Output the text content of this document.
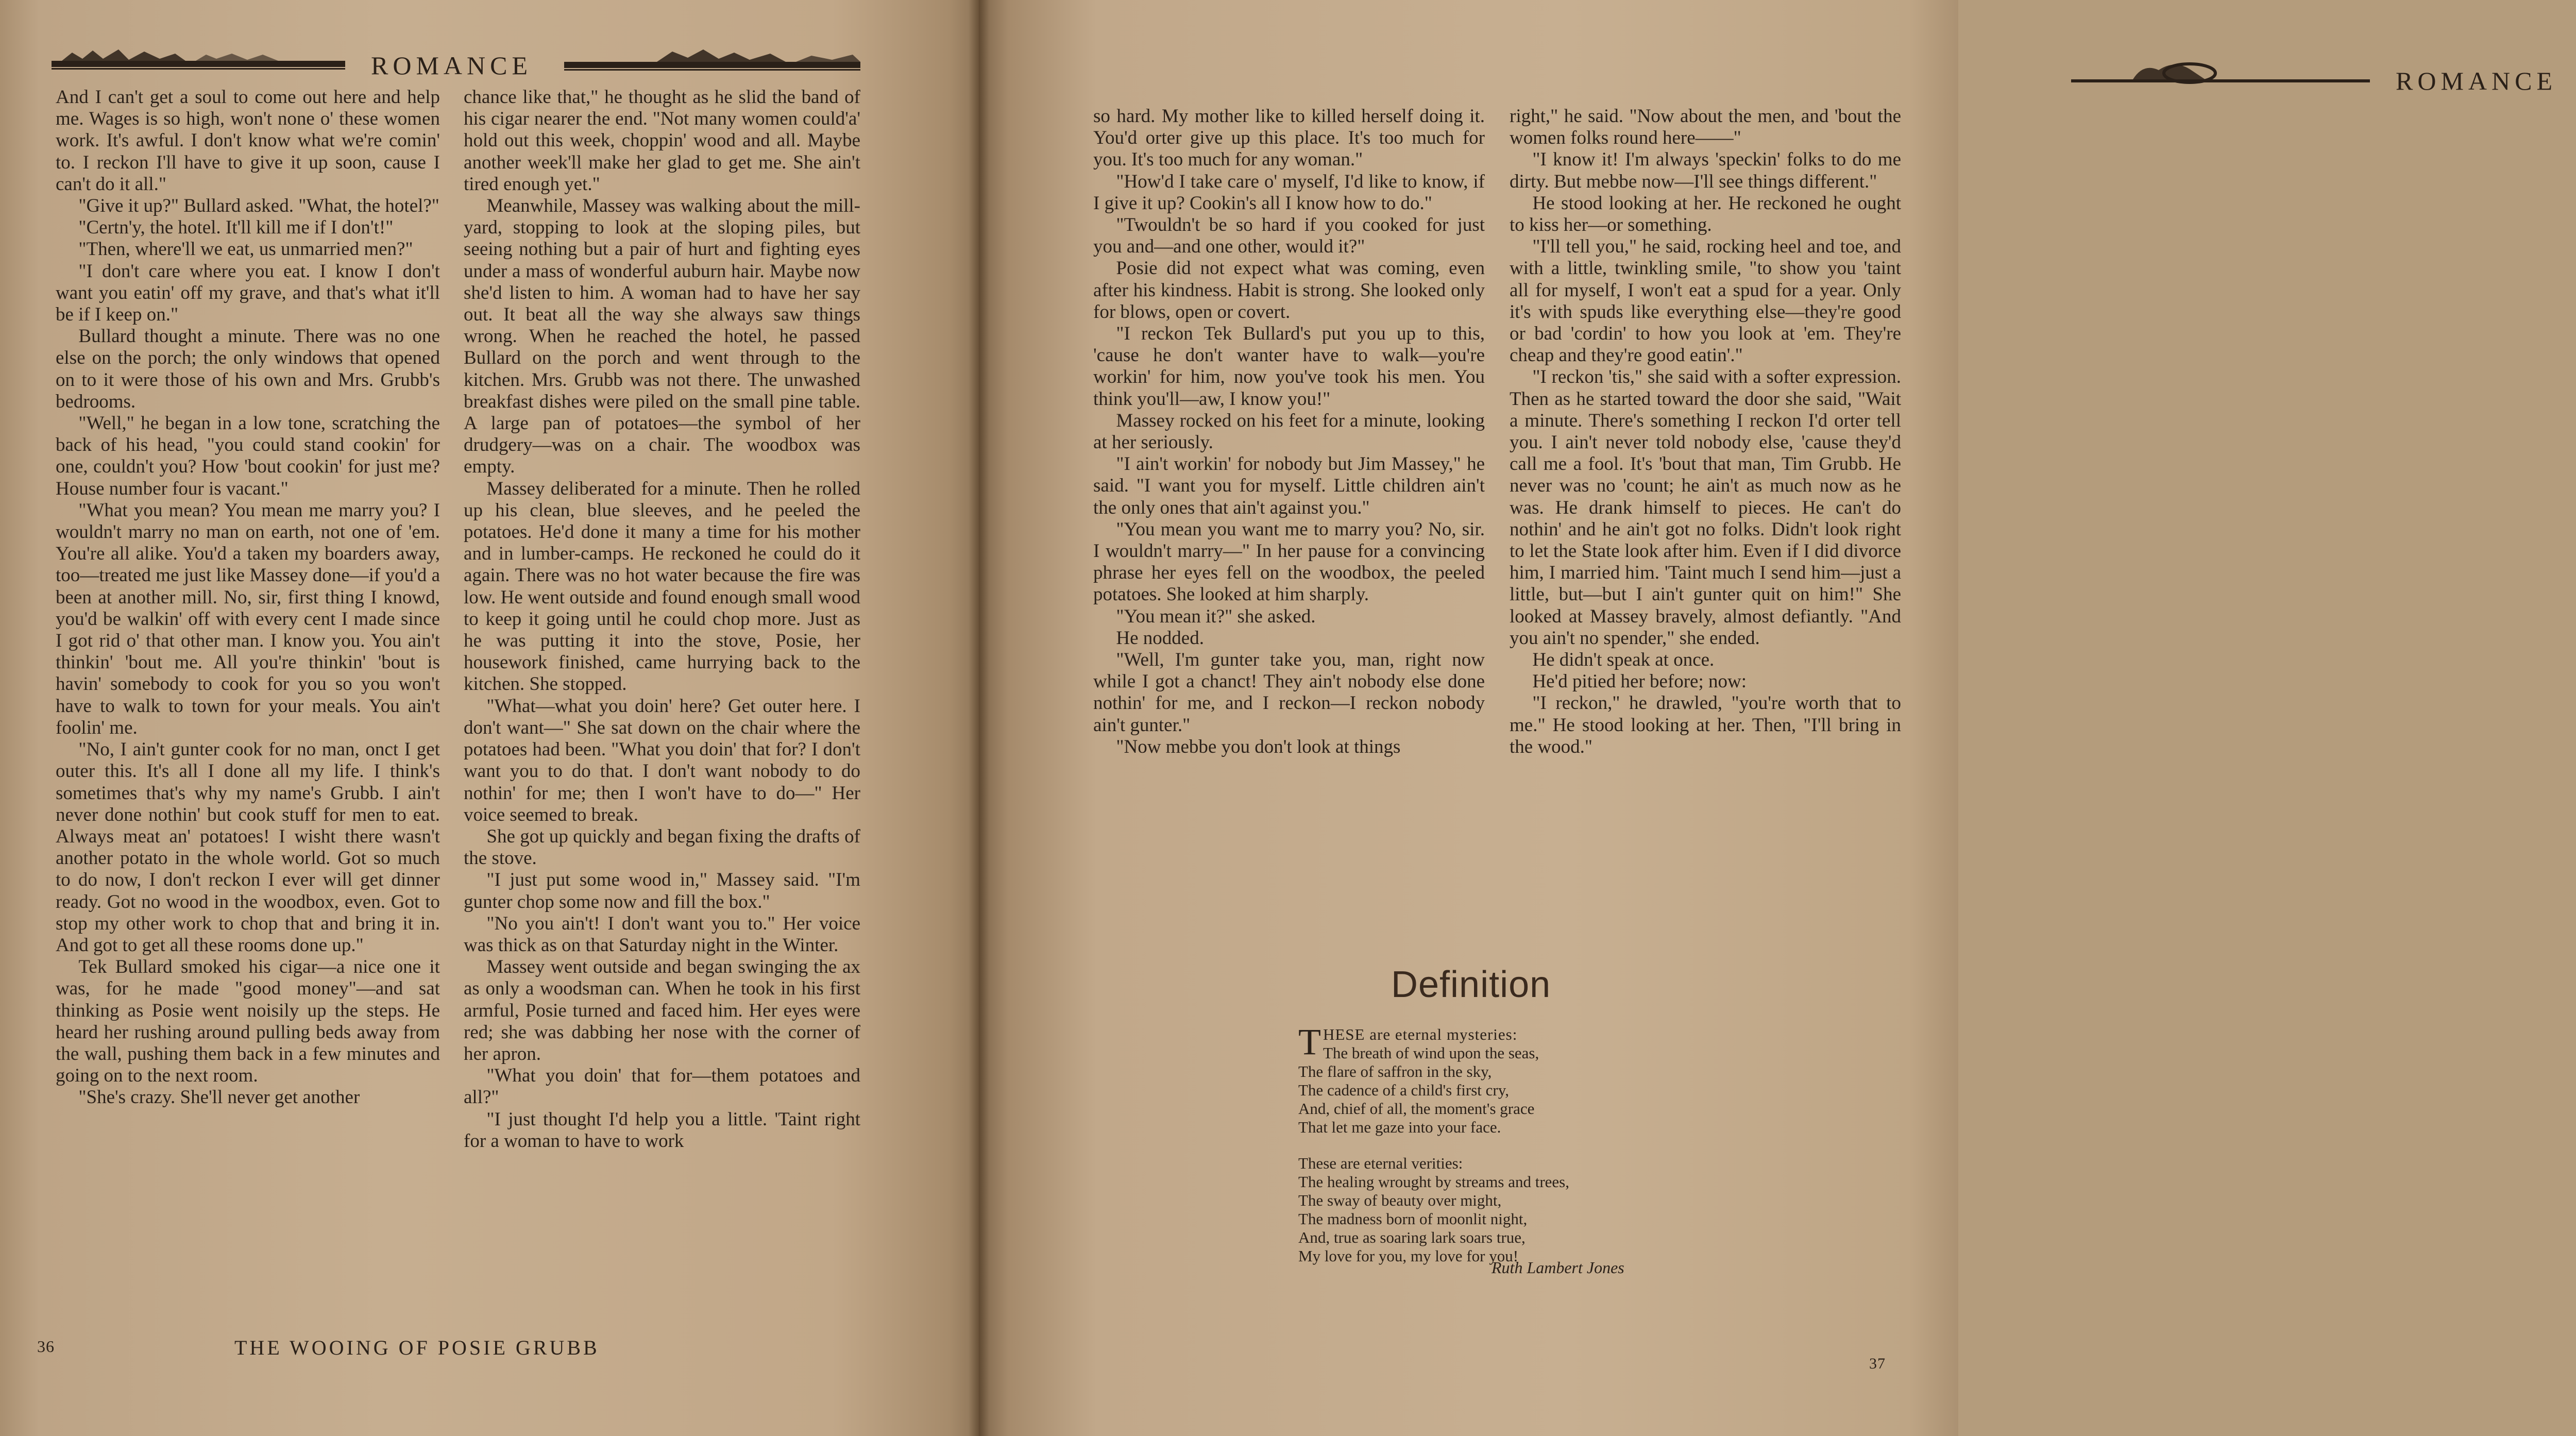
ROMANCE

And I can't get a soul to come out here and help me. Wages is so high, won't none o' these women work. It's awful. I don't know what we're comin' to. I reckon I'll have to give it up soon, cause I can't do it all."

"Give it up?" Bullard asked. "What, the hotel?"

"Certn'y, the hotel. It'll kill me if I don't!"

"Then, where'll we eat, us unmarried men?"

"I don't care where you eat. I know I don't want you eatin' off my grave, and that's what it'll be if I keep on."

Bullard thought a minute. There was no one else on the porch; the only windows that opened on to it were those of his own and Mrs. Grubb's bedrooms.

"Well," he began in a low tone, scratching the back of his head, "you could stand cookin' for one, couldn't you? How 'bout cookin' for just me? House number four is vacant."

"What you mean? You mean me marry you? I wouldn't marry no man on earth, not one of 'em. You're all alike. You'd a taken my boarders away, too—treated me just like Massey done—if you'd a been at another mill. No, sir, first thing I knowd, you'd be walkin' off with every cent I made since I got rid o' that other man. I know you. You ain't thinkin' 'bout me. All you're thinkin' 'bout is havin' somebody to cook for you so you won't have to walk to town for your meals. You ain't foolin' me.

"No, I ain't gunter cook for no man, onct I get outer this. It's all I done all my life. I think's sometimes that's why my name's Grubb. I ain't never done nothin' but cook stuff for men to eat. Always meat an' potatoes! I wisht there wasn't another potato in the whole world. Got so much to do now, I don't reckon I ever will get dinner ready. Got no wood in the woodbox, even. Got to stop my other work to chop that and bring it in. And got to get all these rooms done up."

Tek Bullard smoked his cigar—a nice one it was, for he made "good money"—and sat thinking as Posie went noisily up the steps. He heard her rushing around pulling beds away from the wall, pushing them back in a few minutes and going on to the next room.

"She's crazy. She'll never get another

chance like that," he thought as he slid the band of his cigar nearer the end. "Not many women could'a' hold out this week, choppin' wood and all. Maybe another week'll make her glad to get me. She ain't tired enough yet."

Meanwhile, Massey was walking about the mill-yard, stopping to look at the sloping piles, but seeing nothing but a pair of hurt and fighting eyes under a mass of wonderful auburn hair. Maybe now she'd listen to him. A woman had to have her say out. It beat all the way she always saw things wrong. When he reached the hotel, he passed Bullard on the porch and went through to the kitchen. Mrs. Grubb was not there. The unwashed breakfast dishes were piled on the small pine table. A large pan of potatoes—the symbol of her drudgery—was on a chair. The woodbox was empty.

Massey deliberated for a minute. Then he rolled up his clean, blue sleeves, and he peeled the potatoes. He'd done it many a time for his mother and in lumber-camps. He reckoned he could do it again. There was no hot water because the fire was low. He went outside and found enough small wood to keep it going until he could chop more. Just as he was putting it into the stove, Posie, her housework finished, came hurrying back to the kitchen. She stopped.

"What—what you doin' here? Get outer here. I don't want—" She sat down on the chair where the potatoes had been. "What you doin' that for? I don't want you to do that. I don't want nobody to do nothin' for me; then I won't have to do—" Her voice seemed to break.

She got up quickly and began fixing the drafts of the stove.

"I just put some wood in," Massey said. "I'm gunter chop some now and fill the box."

"No you ain't! I don't want you to." Her voice was thick as on that Saturday night in the Winter.

Massey went outside and began swinging the ax as only a woodsman can. When he took in his first armful, Posie turned and faced him. Her eyes were red; she was dabbing her nose with the corner of her apron.

"What you doin' that for—them potatoes and all?"

"I just thought I'd help you a little. 'Taint right for a woman to have to work

36	THE WOOING OF POSIE GRUBB
ROMANCE

so hard. My mother like to killed herself doing it. You'd orter give up this place. It's too much for you. It's too much for any woman."

"How'd I take care o' myself, I'd like to know, if I give it up? Cookin's all I know how to do."

"Twouldn't be so hard if you cooked for just you and—and one other, would it?"

Posie did not expect what was coming, even after his kindness. Habit is strong. She looked only for blows, open or covert.

"I reckon Tek Bullard's put you up to this, 'cause he don't wanter have to walk—you're workin' for him, now you've took his men. You think you'll—aw, I know you!"

Massey rocked on his feet for a minute, looking at her seriously.

"I ain't workin' for nobody but Jim Massey," he said. "I want you for myself. Little children ain't the only ones that ain't against you."

"You mean you want me to marry you? No, sir. I wouldn't marry—" In her pause for a convincing phrase her eyes fell on the woodbox, the peeled potatoes. She looked at him sharply.

"You mean it?" she asked.

He nodded.

"Well, I'm gunter take you, man, right now while I got a chanct! They ain't nobody else done nothin' for me, and I reckon—I reckon nobody ain't gunter."

"Now mebbe you don't look at things

right," he said. "Now about the men, and 'bout the women folks round here——"

"I know it! I'm always 'speckin' folks to do me dirty. But mebbe now—I'll see things different."

He stood looking at her. He reckoned he ought to kiss her—or something.

"I'll tell you," he said, rocking heel and toe, and with a little, twinkling smile, "to show you 'taint all for myself, I won't eat a spud for a year. Only it's with spuds like everything else—they're good or bad 'cordin' to how you look at 'em. They're cheap and they're good eatin'."

"I reckon 'tis," she said with a softer expression. Then as he started toward the door she said, "Wait a minute. There's something I reckon I'd orter tell you. I ain't never told nobody else, 'cause they'd call me a fool. It's 'bout that man, Tim Grubb. He never was no 'count; he ain't as much now as he was. He drank himself to pieces. He can't do nothin' and he ain't got no folks. Didn't look right to let the State look after him. Even if I did divorce him, I married him. 'Taint much I send him—just a little, but—but I ain't gunter quit on him!" She looked at Massey bravely, almost defiantly. "And you ain't no spender," she ended.

He didn't speak at once.

He'd pitied her before; now:

"I reckon," he drawled, "you're worth that to me." He stood looking at her. Then, "I'll bring in the wood."

Definition
THESE are eternal mysteries:
The breath of wind upon the seas,
The flare of saffron in the sky,
The cadence of a child's first cry,
And, chief of all, the moment's grace
That let me gaze into your face.
These are eternal verities:
The healing wrought by streams and trees,
The sway of beauty over might,
The madness born of moonlit night,
And, true as soaring lark soars true,
My love for you, my love for you!
Ruth Lambert Jones
37
